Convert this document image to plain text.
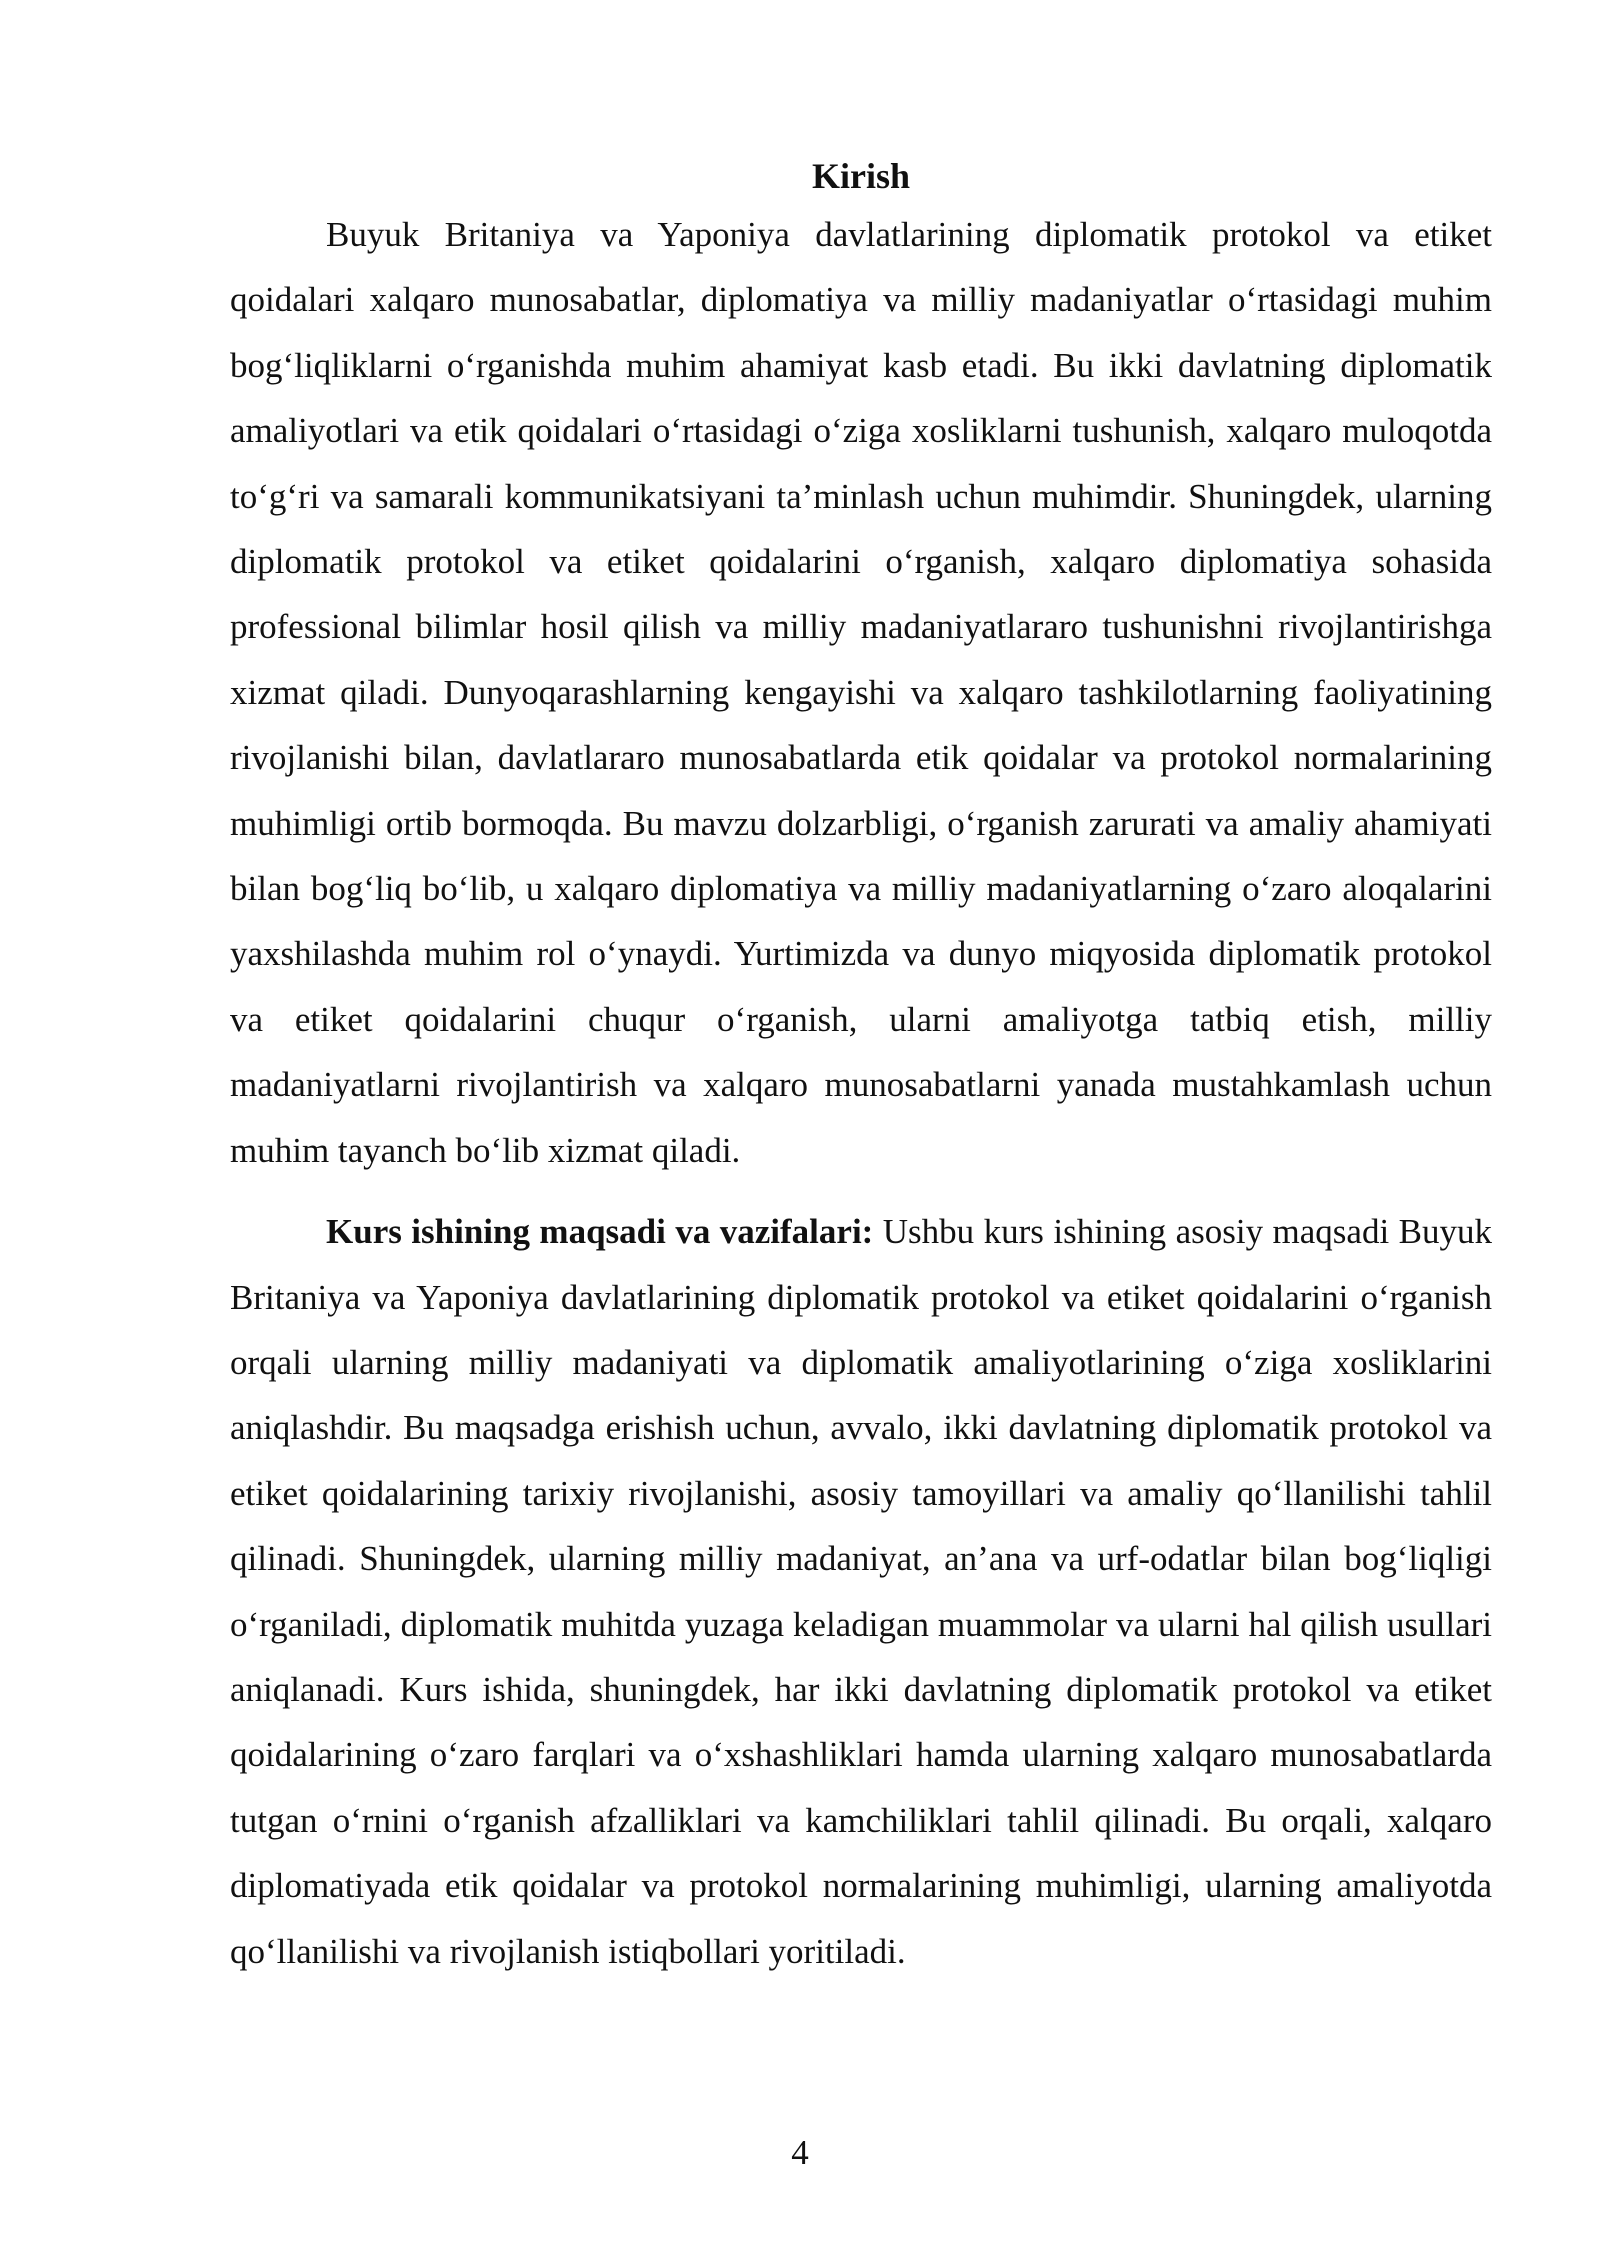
Kirish

Buyuk Britaniya va Yaponiya davlatlarining diplomatik protokol va etiket qoidalari xalqaro munosabatlar, diplomatiya va milliy madaniyatlar o‘rtasidagi muhim bog‘liqliklarni o‘rganishda muhim ahamiyat kasb etadi. Bu ikki davlatning diplomatik amaliyotlari va etik qoidalari o‘rtasidagi o‘ziga xosliklarni tushunish, xalqaro muloqotda to‘g‘ri va samarali kommunikatsiyani ta’minlash uchun muhimdir. Shuningdek, ularning diplomatik protokol va etiket qoidalarini o‘rganish, xalqaro diplomatiya sohasida professional bilimlar hosil qilish va milliy madaniyatlararo tushunishni rivojlantirishga xizmat qiladi. Dunyoqarashlarning kengayishi va xalqaro tashkilotlarning faoliyatining rivojlanishi bilan, davlatlararo munosabatlarda etik qoidalar va protokol normalarining muhimligi ortib bormoqda. Bu mavzu dolzarbligi, o‘rganish zarurati va amaliy ahamiyati bilan bog‘liq bo‘lib, u xalqaro diplomatiya va milliy madaniyatlarning o‘zaro aloqalarini yaxshilashda muhim rol o‘ynaydi. Yurtimizda va dunyo miqyosida diplomatik protokol va etiket qoidalarini chuqur o‘rganish, ularni amaliyotga tatbiq etish, milliy madaniyatlarni rivojlantirish va xalqaro munosabatlarni yanada mustahkamlash uchun muhim tayanch bo‘lib xizmat qiladi.

Kurs ishining maqsadi va vazifalari: Ushbu kurs ishining asosiy maqsadi Buyuk Britaniya va Yaponiya davlatlarining diplomatik protokol va etiket qoidalarini o‘rganish orqali ularning milliy madaniyati va diplomatik amaliyotlarining o‘ziga xosliklarini aniqlashdir. Bu maqsadga erishish uchun, avvalo, ikki davlatning diplomatik protokol va etiket qoidalarining tarixiy rivojlanishi, asosiy tamoyillari va amaliy qo‘llanilishi tahlil qilinadi. Shuningdek, ularning milliy madaniyat, an’ana va urf-odatlar bilan bog‘liqligi o‘rganiladi, diplomatik muhitda yuzaga keladigan muammolar va ularni hal qilish usullari aniqlanadi. Kurs ishida, shuningdek, har ikki davlatning diplomatik protokol va etiket qoidalarining o‘zaro farqlari va o‘xshashliklari hamda ularning xalqaro munosabatlarda tutgan o‘rnini o‘rganish afzalliklari va kamchiliklari tahlil qilinadi. Bu orqali, xalqaro diplomatiyada etik qoidalar va protokol normalarining muhimligi, ularning amaliyotda qo‘llanilishi va rivojlanish istiqbollari yoritiladi.

4
